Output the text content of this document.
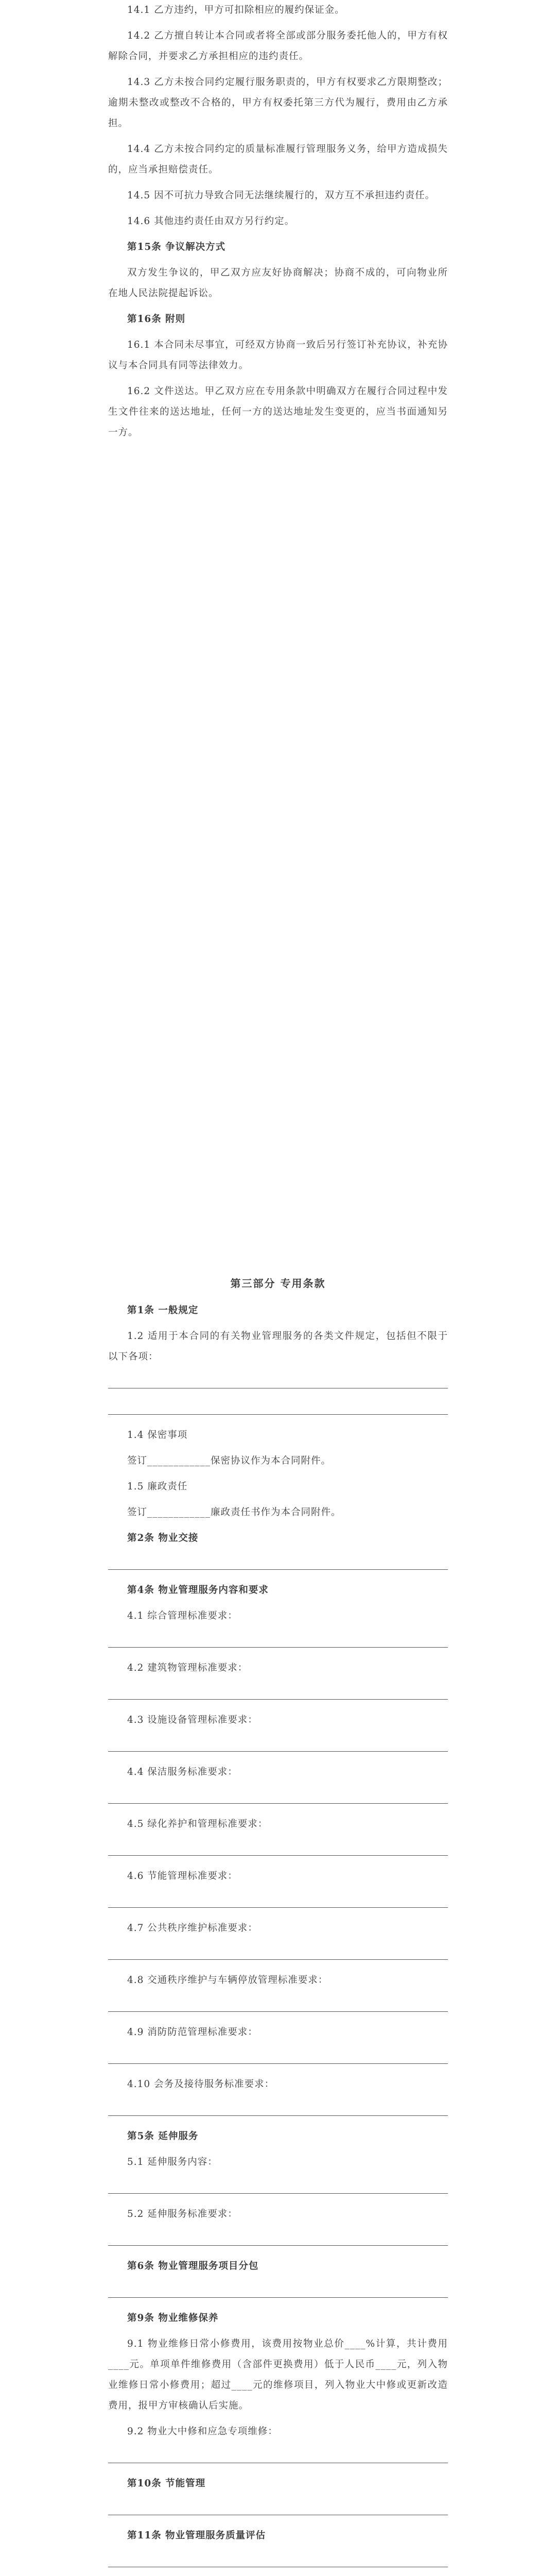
14.1 乙方违约，甲方可扣除相应的履约保证金。

14.2 乙方擅自转让本合同或者将全部或部分服务委托他人的，甲方有权解除合同，并要求乙方承担相应的违约责任。

14.3 乙方未按合同约定履行服务职责的，甲方有权要求乙方限期整改；逾期未整改或整改不合格的，甲方有权委托第三方代为履行，费用由乙方承担。

14.4 乙方未按合同约定的质量标准履行管理服务义务，给甲方造成损失的，应当承担赔偿责任。

14.5 因不可抗力导致合同无法继续履行的，双方互不承担违约责任。

14.6 其他违约责任由双方另行约定。

第15条 争议解决方式

双方发生争议的，甲乙双方应友好协商解决；协商不成的，可向物业所在地人民法院提起诉讼。

第16条 附则

16.1 本合同未尽事宜，可经双方协商一致后另行签订补充协议，补充协议与本合同具有同等法律效力。

16.2 文件送达。甲乙双方应在专用条款中明确双方在履行合同过程中发生文件往来的送达地址，任何一方的送达地址发生变更的，应当书面通知另一方。

第三部分 专用条款

第1条 一般规定

1.2 适用于本合同的有关物业管理服务的各类文件规定，包括但不限于以下各项：

1.4 保密事项

签订____________保密协议作为本合同附件。

1.5 廉政责任

签订____________廉政责任书作为本合同附件。

第2条 物业交接

第4条 物业管理服务内容和要求

4.1 综合管理标准要求：

4.2 建筑物管理标准要求：

4.3 设施设备管理标准要求：

4.4 保洁服务标准要求：

4.5 绿化养护和管理标准要求：

4.6 节能管理标准要求：

4.7 公共秩序维护标准要求：

4.8 交通秩序维护与车辆停放管理标准要求：

4.9 消防防范管理标准要求：

4.10 会务及接待服务标准要求：

第5条 延伸服务

5.1 延伸服务内容：

5.2 延伸服务标准要求：

第6条 物业管理服务项目分包

第9条 物业维修保养

9.1 物业维修日常小修费用，该费用按物业总价____%计算，共计费用____元。单项单件维修费用（含部件更换费用）低于人民币____元，列入物业维修日常小修费用；超过____元的维修项目，列入物业大中修或更新改造费用，报甲方审核确认后实施。

9.2 物业大中修和应急专项维修：

第10条 节能管理

第11条 物业管理服务质量评估
